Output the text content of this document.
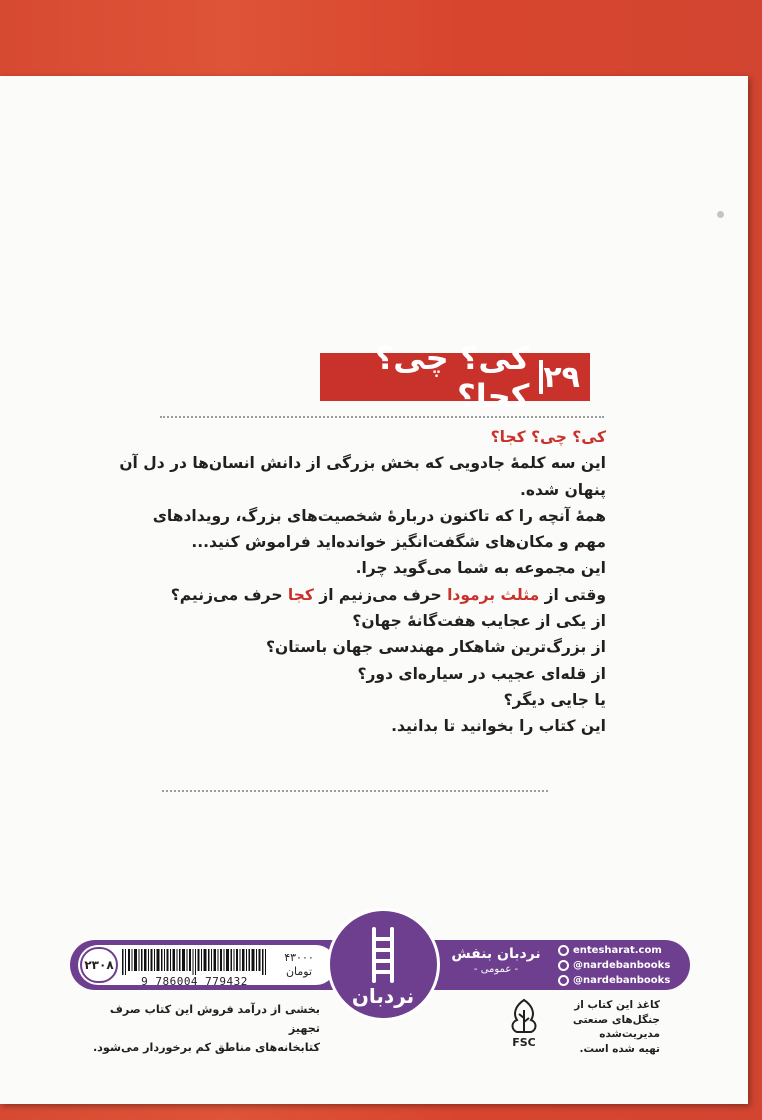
۲۹
کی؟ چی؟ کجا؟
کی؟ چی؟ کجا؟
این سه کلمهٔ جادویی که بخش بزرگی از دانش انسان‌ها در دل آن
پنهان شده.
همهٔ آنچه را که تاکنون دربارهٔ شخصیت‌های بزرگ، رویدادهای
مهم و مکان‌های شگفت‌انگیز خوانده‌اید فراموش کنید...
این مجموعه به شما می‌گوید چرا.
وقتی از مثلث برمودا حرف می‌زنیم از کجا حرف می‌زنیم؟
از یکی از عجایب هفت‌گانهٔ جهان؟
از بزرگ‌ترین شاهکار مهندسی جهان باستان؟
از قله‌ای عجیب در سیاره‌ای دور؟
یا جایی دیگر؟
این کتاب را بخوانید تا بدانید.
۲۳۰۸
9 786004 779432
۴۳۰۰۰
تومان
نردبان
نردبان بنفش
- عمومی -
entesharat.com
@nardebanbooks
@nardebanbooks
بخشی از درآمد فروش این کتاب صرف تجهیز
کتابخانه‌های مناطق کم برخوردار می‌شود.	FSC
کاغذ این کتاب از
جنگل‌های صنعتی
مدیریت‌شده
تهیه شده است.
